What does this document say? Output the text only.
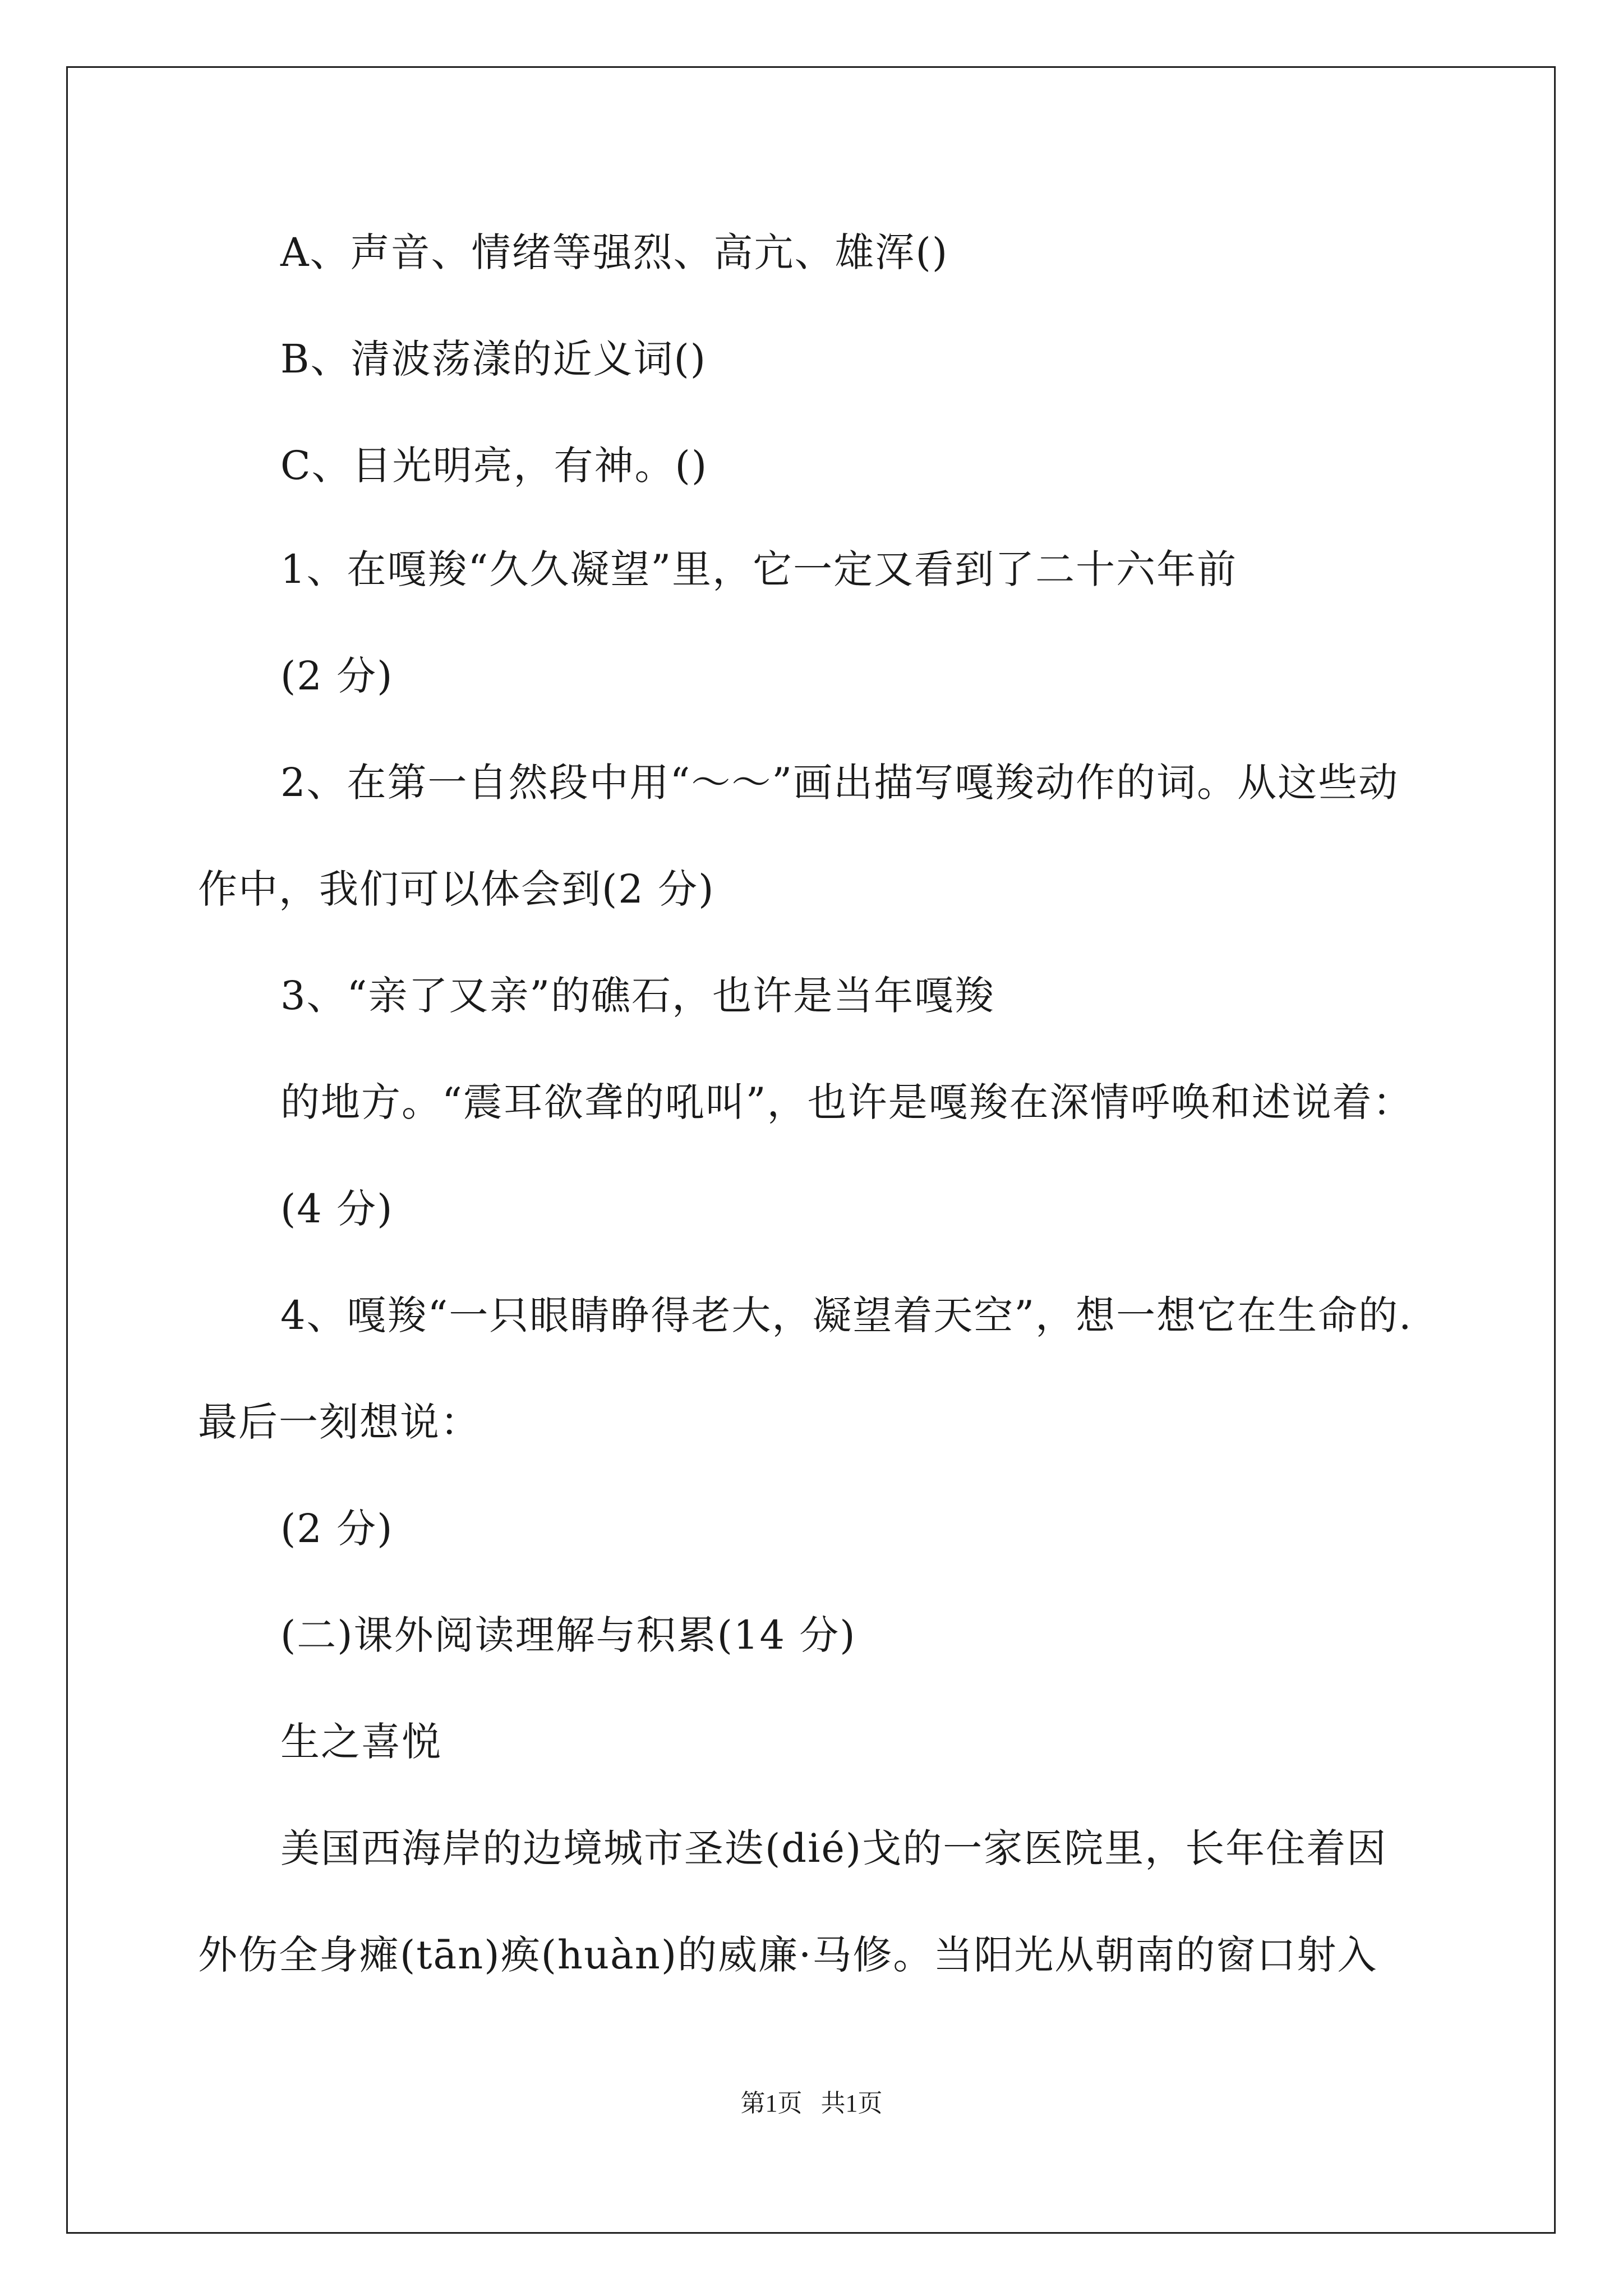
A、声音、情绪等强烈、高亢、雄浑()
B、清波荡漾的近义词()
C、目光明亮，有神。()
1、在嘎羧“久久凝望”里，它一定又看到了二十六年前
(2 分)
2、在第一自然段中用“～～”画出描写嘎羧动作的词。从这些动
作中，我们可以体会到(2 分)
3、“亲了又亲”的礁石，也许是当年嘎羧
的地方。“震耳欲聋的吼叫”，也许是嘎羧在深情呼唤和述说着：
(4 分)
4、嘎羧“一只眼睛睁得老大，凝望着天空”，想一想它在生命的.
最后一刻想说：
(2 分)
(二)课外阅读理解与积累(14 分)
生之喜悦
美国西海岸的边境城市圣迭(dié)戈的一家医院里，长年住着因
外伤全身瘫(tān)痪(huàn)的威廉·马修。当阳光从朝南的窗口射入
第1页   共1页
